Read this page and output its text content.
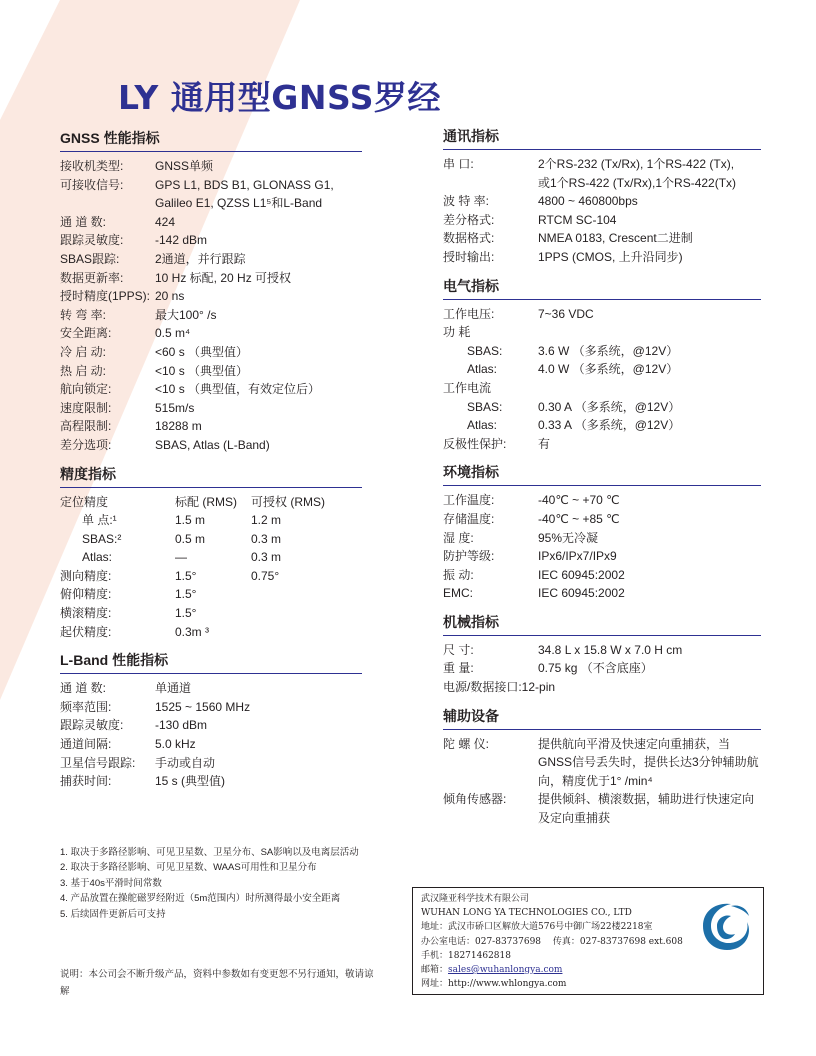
LY 通用型GNSS罗经
GNSS 性能指标
接收机类型:	GNSS单频
可接收信号:	GPS L1, BDS B1, GLONASS G1,
Galileo E1, QZSS L1⁵和L-Band
通 道 数:	424
跟踪灵敏度:	-142 dBm
SBAS跟踪:	2通道，并行跟踪
数据更新率:	10 Hz 标配, 20 Hz 可授权
授时精度(1PPS): 20 ns
转 弯 率:	最大100° /s
安全距离:	0.5 m⁴
冷 启 动:	<60 s （典型值）
热 启 动:	<10 s （典型值）
航向锁定:	<10 s （典型值，有效定位后）
速度限制:	515m/s
高程限制:	18288 m
差分选项:	SBAS, Atlas (L-Band)
精度指标
定位精度	标配 (RMS)	可授权 (RMS)
单 点:¹	1.5 m	1.2 m
SBAS:²	0.5 m	0.3 m
Atlas:	—	0.3 m
测向精度:	1.5°	0.75°
俯仰精度:	1.5°
横滚精度:	1.5°
起伏精度:	0.3m ³
L-Band 性能指标
通 道 数:	单通道
频率范围:	1525 ~ 1560 MHz
跟踪灵敏度:	-130 dBm
通道间隔:	5.0 kHz
卫星信号跟踪:	手动或自动
捕获时间:	15 s (典型值)
通讯指标
串 口:	2个RS-232 (Tx/Rx), 1个RS-422 (Tx),
或1个RS-422 (Tx/Rx),1个RS-422(Tx)
波 特 率:	4800 ~ 460800bps
差分格式:	RTCM SC-104
数据格式:	NMEA 0183, Crescent二进制
授时输出:	1PPS (CMOS, 上升沿同步)
电气指标
工作电压:	7~36 VDC
功 耗
SBAS:	3.6 W （多系统，@12V）
Atlas:	4.0 W （多系统，@12V）
工作电流
SBAS:	0.30 A （多系统，@12V）
Atlas:	0.33 A （多系统，@12V）
反极性保护:	有
环境指标
工作温度:	-40℃ ~ +70 ℃
存储温度:	-40℃ ~ +85 ℃
湿 度:	95%无冷凝
防护等级:	IPx6/IPx7/IPx9
振 动:	IEC 60945:2002
EMC:	IEC 60945:2002
机械指标
尺 寸:	34.8 L x 15.8 W x 7.0 H cm
重 量:	0.75 kg （不含底座）
电源/数据接口: 12-pin
辅助设备
陀 螺 仪:	提供航向平滑及快速定向重捕获，当GNSS信号丢失时，提供长达3分钟辅助航向，精度优于1° /min⁴
倾角传感器:	提供倾斜、横滚数据，辅助进行快速定向及定向重捕获
1. 取决于多路径影响、可见卫星数、卫星分布、SA影响以及电离层活动
2. 取决于多路径影响、可见卫星数、WAAS可用性和卫星分布
3. 基于40s平滑时间常数
4. 产品放置在操舵磁罗经附近（5m范围内）时所测得最小安全距离
5. 后续固件更新后可支持
说明：本公司会不断升级产品，资料中参数如有变更恕不另行通知，敬请谅解
武汉隆亚科学技术有限公司
WUHAN LONG YA TECHNOLOGIES CO., LTD
地址：武汉市硚口区解放大道576号中御广场22楼2218室
办公室电话：027-83737698　 传真：027-83737698 ext.608
手机：18271462818
邮箱：sales@wuhanlongya.com
网址：http://www.whlongya.com
